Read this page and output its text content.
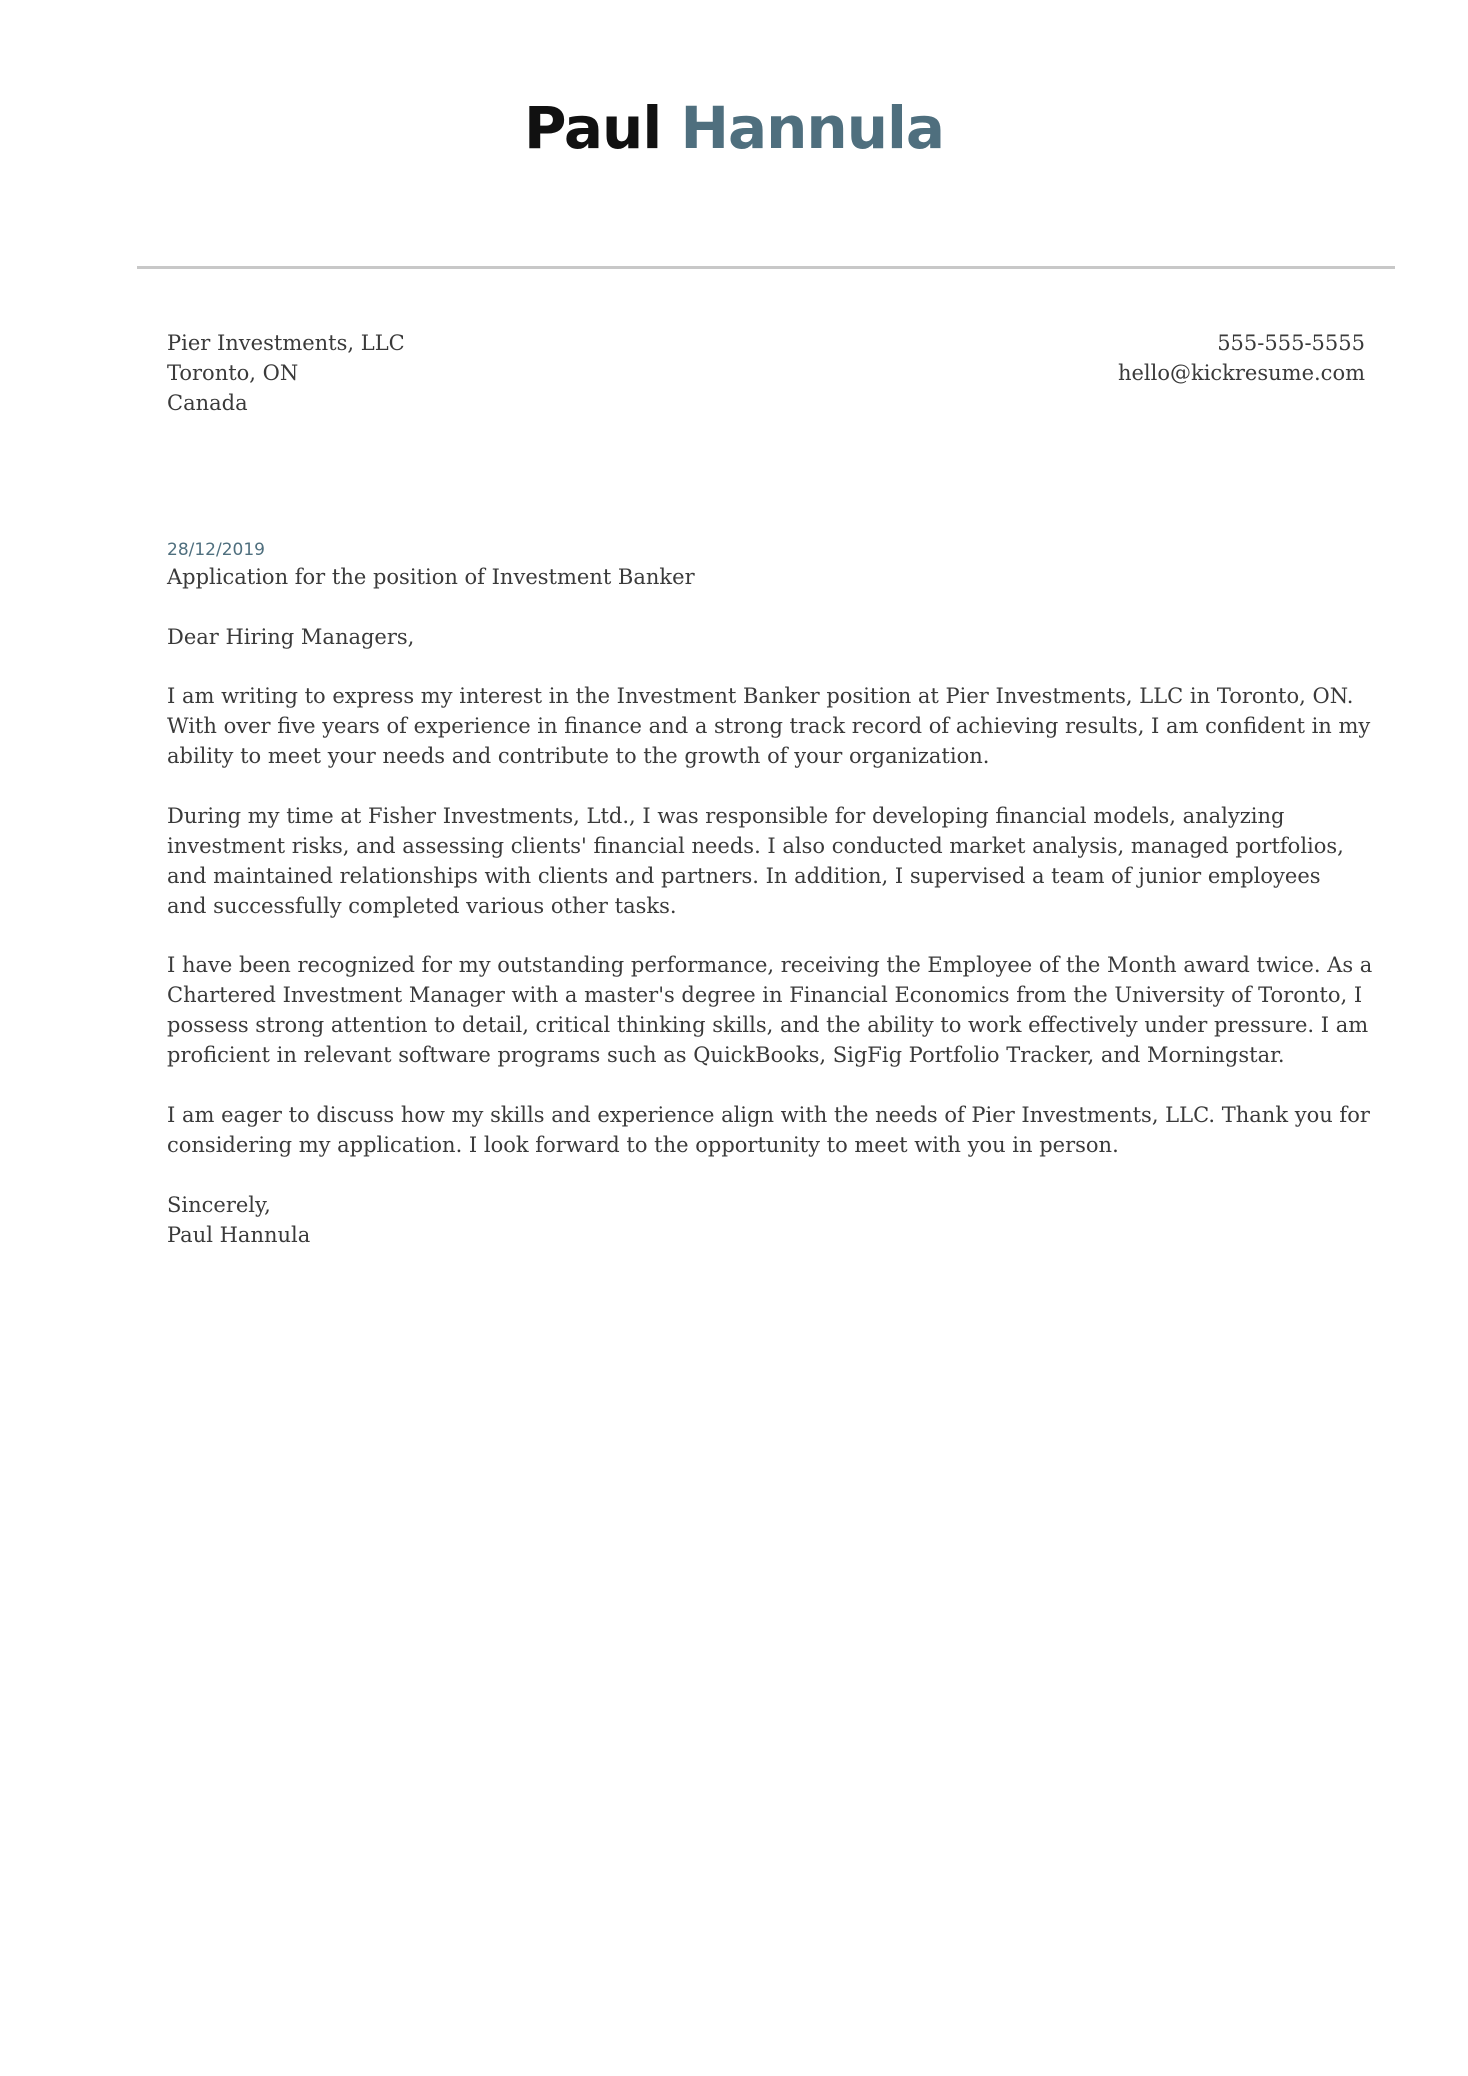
Paul Hannula
Pier Investments, LLC
Toronto, ON
Canada
555-555-5555
hello@kickresume.com
28/12/2019
Application for the position of Investment Banker
Dear Hiring Managers,
I am writing to express my interest in the Investment Banker position at Pier Investments, LLC in Toronto, ON.
With over five years of experience in finance and a strong track record of achieving results, I am confident in my
ability to meet your needs and contribute to the growth of your organization.
During my time at Fisher Investments, Ltd., I was responsible for developing financial models, analyzing
investment risks, and assessing clients' financial needs. I also conducted market analysis, managed portfolios,
and maintained relationships with clients and partners. In addition, I supervised a team of junior employees
and successfully completed various other tasks.
I have been recognized for my outstanding performance, receiving the Employee of the Month award twice. As a
Chartered Investment Manager with a master's degree in Financial Economics from the University of Toronto, I
possess strong attention to detail, critical thinking skills, and the ability to work effectively under pressure. I am
proficient in relevant software programs such as QuickBooks, SigFig Portfolio Tracker, and Morningstar.
I am eager to discuss how my skills and experience align with the needs of Pier Investments, LLC. Thank you for
considering my application. I look forward to the opportunity to meet with you in person.
Sincerely,
Paul Hannula
